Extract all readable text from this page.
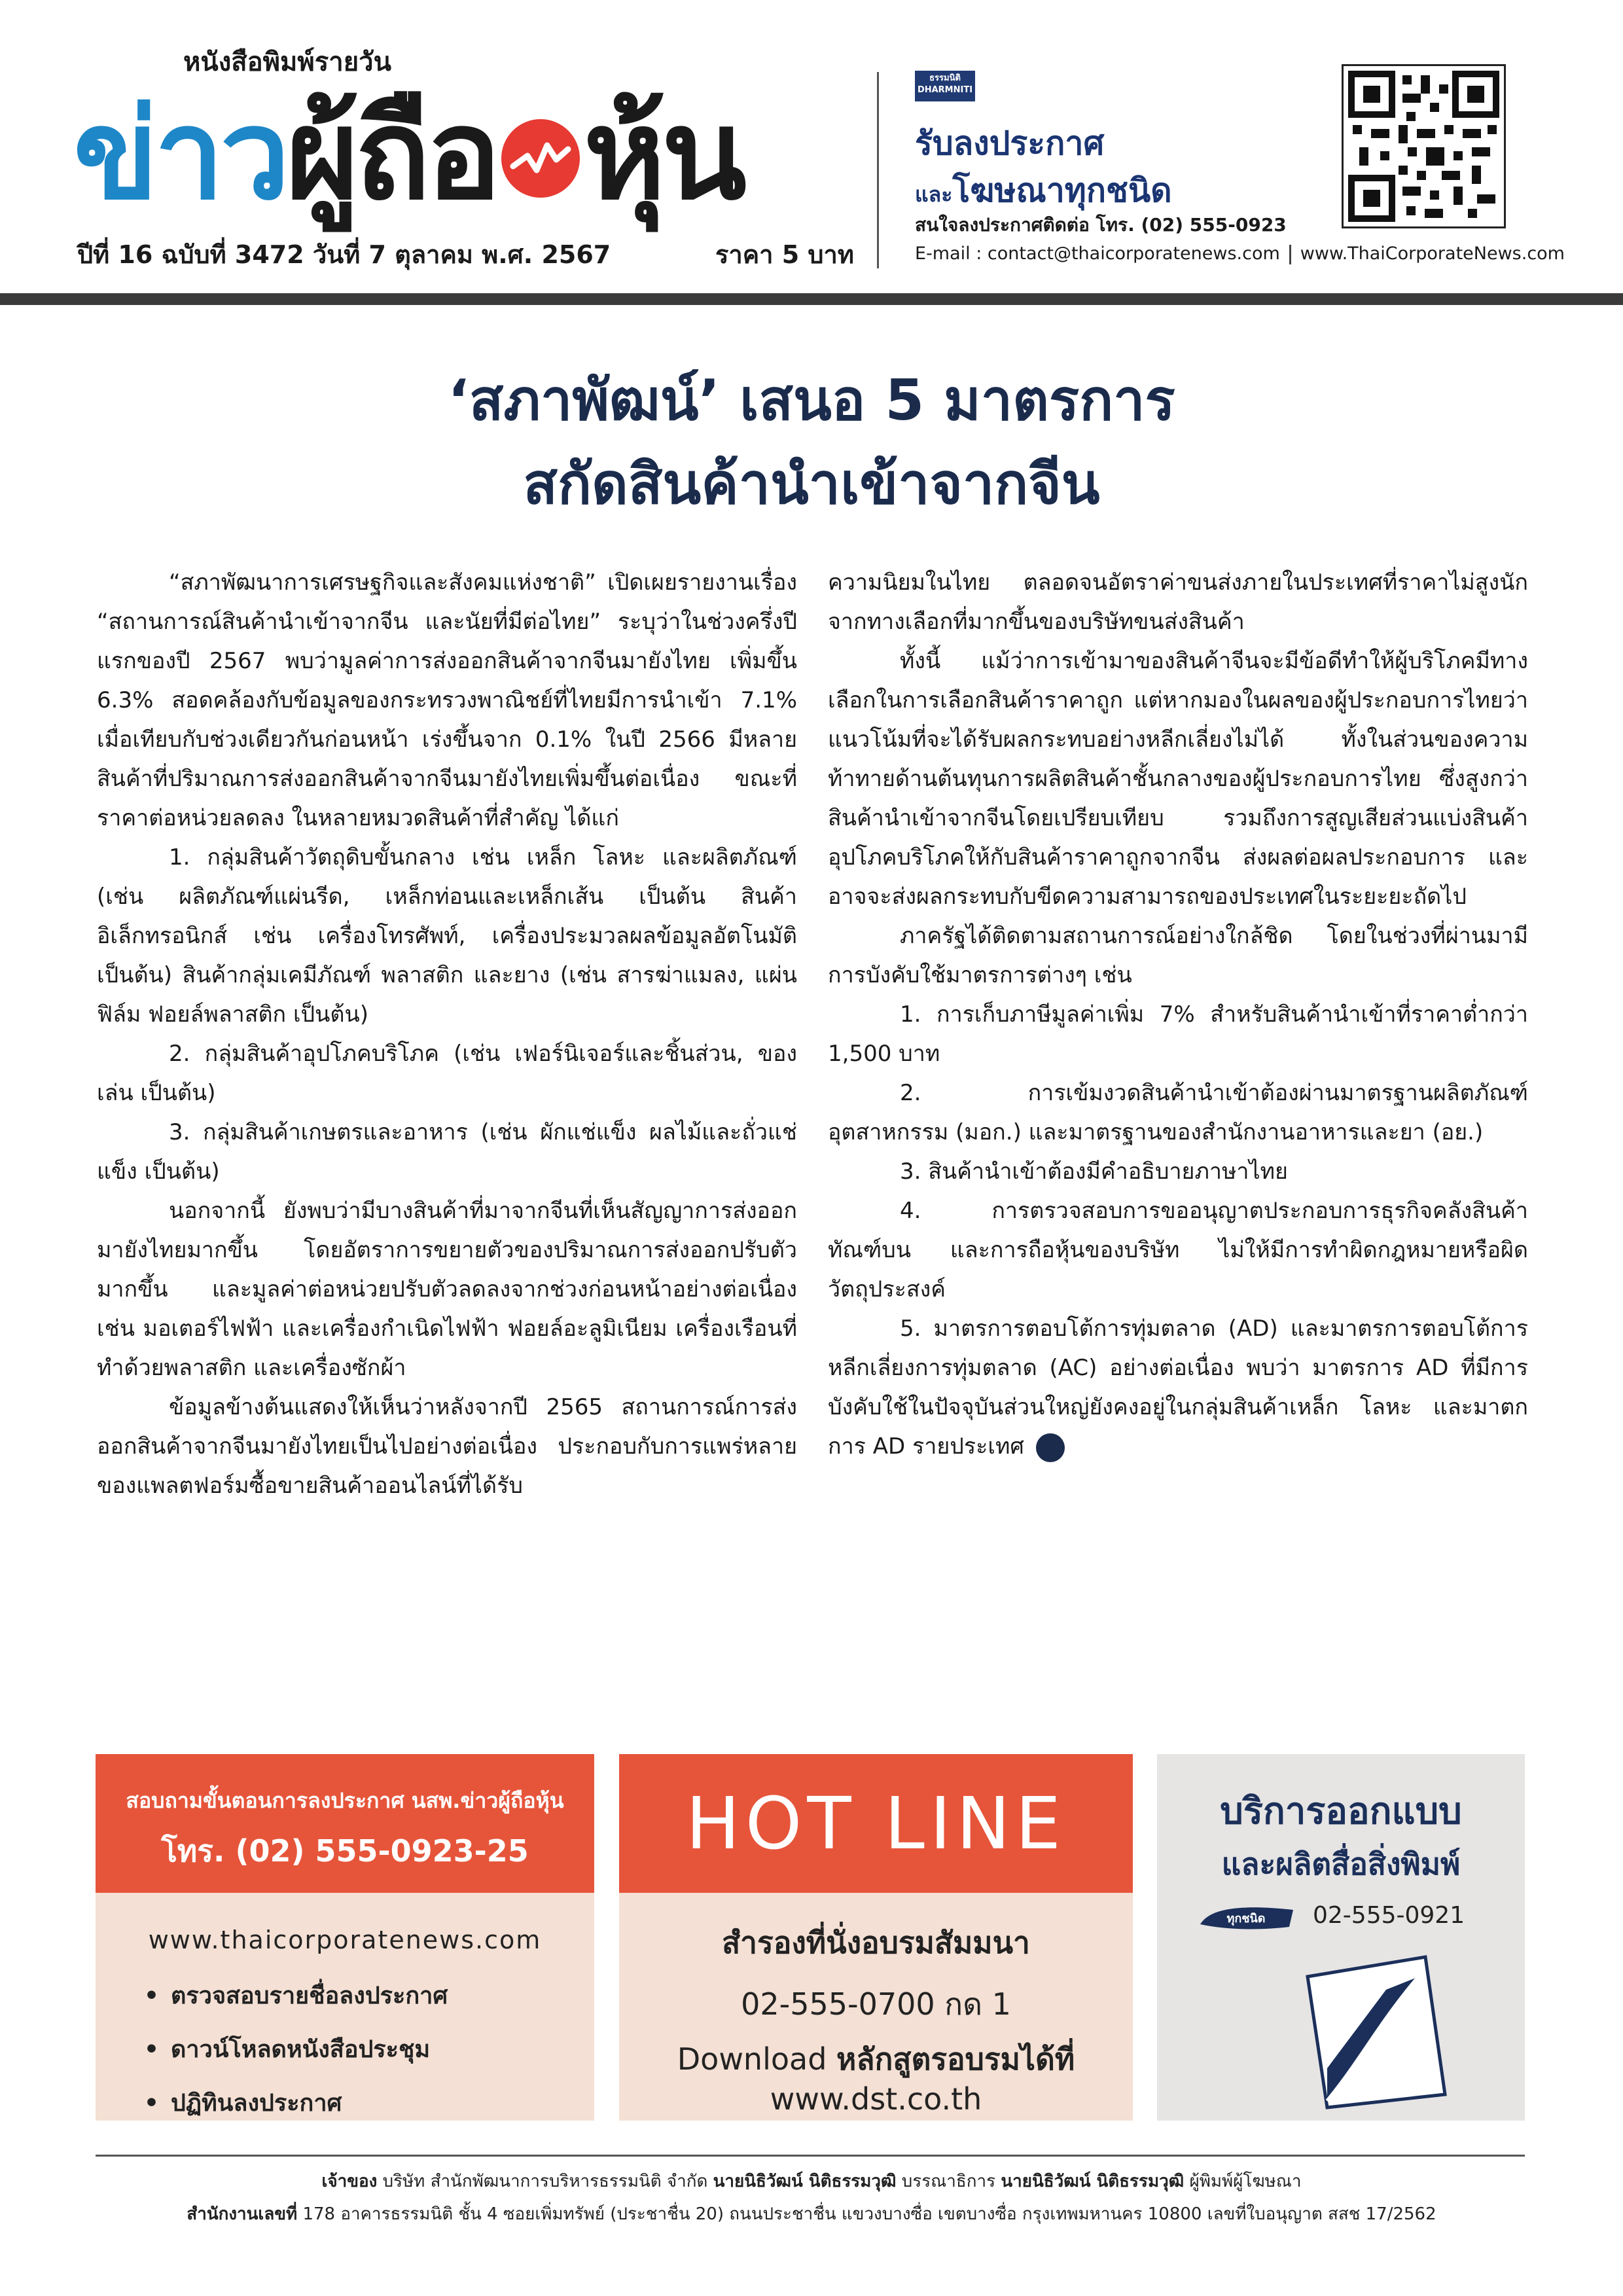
หนังสือพิมพ์รายวัน
ข่าว ผู้ถือ หุ้น
ปีที่ 16 ฉบับที่ 3472 วันที่ 7 ตุลาคม พ.ศ. 2567	ราคา 5 บาท
ธรรมนิติ
DHARMNITI
รับลงประกาศ
และโฆษณาทุกชนิด
สนใจลงประกาศติดต่อ โทร. (02) 555-0923
E-mail : contact@thaicorporatenews.com www.ThaiCorporateNews.com
‘สภาพัฒน์’ เสนอ 5 มาตรการ
สกัดสินค้านำเข้าจากจีน

“สภาพัฒนาการเศรษฐกิจและสังคมแห่งชาติ” เปิดเผยรายงานเรื่อง “สถานการณ์สินค้านำเข้าจากจีน และนัยที่มีต่อไทย” ระบุว่าในช่วงครึ่งปีแรกของปี 2567 พบว่ามูลค่าการส่งออกสินค้าจากจีนมายังไทย เพิ่มขึ้น 6.3% สอดคล้องกับข้อมูลของกระทรวงพาณิชย์ที่ไทยมีการนำเข้า 7.1% เมื่อเทียบกับช่วงเดียวกันก่อนหน้า เร่งขึ้นจาก 0.1% ในปี 2566 มีหลายสินค้าที่ปริมาณการส่งออกสินค้าจากจีนมายังไทยเพิ่มขึ้นต่อเนื่อง ขณะที่ราคาต่อหน่วยลดลง ในหลายหมวดสินค้าที่สำคัญ ได้แก่

1. กลุ่มสินค้าวัตถุดิบขั้นกลาง เช่น เหล็ก โลหะ และผลิตภัณฑ์ (เช่น ผลิตภัณฑ์แผ่นรีด, เหล็กท่อนและเหล็กเส้น เป็นต้น สินค้าอิเล็กทรอนิกส์ เช่น เครื่องโทรศัพท์, เครื่องประมวลผลข้อมูลอัตโนมัติ เป็นต้น) สินค้ากลุ่มเคมีภัณฑ์ พลาสติก และยาง (เช่น สารฆ่าแมลง, แผ่นฟิล์ม ฟอยล์พลาสติก เป็นต้น)

2. กลุ่มสินค้าอุปโภคบริโภค (เช่น เฟอร์นิเจอร์และชิ้นส่วน, ของเล่น เป็นต้น)

3. กลุ่มสินค้าเกษตรและอาหาร (เช่น ผักแช่แข็ง ผลไม้และถั่วแช่แข็ง เป็นต้น)

นอกจากนี้ ยังพบว่ามีบางสินค้าที่มาจากจีนที่เห็นสัญญาการส่งออกมายังไทยมากขึ้น โดยอัตราการขยายตัวของปริมาณการส่งออกปรับตัวมากขึ้น และมูลค่าต่อหน่วยปรับตัวลดลงจากช่วงก่อนหน้าอย่างต่อเนื่อง เช่น มอเตอร์ไฟฟ้า และเครื่องกำเนิดไฟฟ้า ฟอยล์อะลูมิเนียม เครื่องเรือนที่ทำด้วยพลาสติก และเครื่องซักผ้า

ข้อมูลข้างต้นแสดงให้เห็นว่าหลังจากปี 2565 สถานการณ์การส่งออกสินค้าจากจีนมายังไทยเป็นไปอย่างต่อเนื่อง ประกอบกับการแพร่หลายของแพลตฟอร์มซื้อขายสินค้าออนไลน์ที่ได้รับ

ความนิยมในไทย ตลอดจนอัตราค่าขนส่งภายในประเทศที่ราคาไม่สูงนัก จากทางเลือกที่มากขึ้นของบริษัทขนส่งสินค้า

ทั้งนี้ แม้ว่าการเข้ามาของสินค้าจีนจะมีข้อดีทำให้ผู้บริโภคมีทางเลือกในการเลือกสินค้าราคาถูก แต่หากมองในผลของผู้ประกอบการไทยว่าแนวโน้มที่จะได้รับผลกระทบอย่างหลีกเลี่ยงไม่ได้ ทั้งในส่วนของความท้าทายด้านต้นทุนการผลิตสินค้าชั้นกลางของผู้ประกอบการไทย ซึ่งสูงกว่าสินค้านำเข้าจากจีนโดยเปรียบเทียบ รวมถึงการสูญเสียส่วนแบ่งสินค้าอุปโภคบริโภคให้กับสินค้าราคาถูกจากจีน ส่งผลต่อผลประกอบการ และอาจจะส่งผลกระทบกับขีดความสามารถของประเทศในระยะยะถัดไป

ภาครัฐได้ติดตามสถานการณ์อย่างใกล้ชิด โดยในช่วงที่ผ่านมามีการบังคับใช้มาตรการต่างๆ เช่น

1. การเก็บภาษีมูลค่าเพิ่ม 7% สำหรับสินค้านำเข้าที่ราคาต่ำกว่า 1,500 บาท

2. การเข้มงวดสินค้านำเข้าต้องผ่านมาตรฐานผลิตภัณฑ์อุตสาหกรรม (มอก.) และมาตรฐานของสำนักงานอาหารและยา (อย.)

3. สินค้านำเข้าต้องมีคำอธิบายภาษาไทย

4. การตรวจสอบการขออนุญาตประกอบการธุรกิจคลังสินค้าทัณฑ์บน และการถือหุ้นของบริษัท ไม่ให้มีการทำผิดกฎหมายหรือผิดวัตถุประสงค์

5. มาตรการตอบโต้การทุ่มตลาด (AD) และมาตรการตอบโต้การหลีกเลี่ยงการทุ่มตลาด (AC) อย่างต่อเนื่อง พบว่า มาตรการ AD ที่มีการบังคับใช้ในปัจจุบันส่วนใหญ่ยังคงอยู่ในกลุ่มสินค้าเหล็ก โลหะ และมาตกการ AD รายประเทศ

สอบถามขั้นตอนการลงประกาศ นสพ.ข่าวผู้ถือหุ้น
โทร. (02) 555-0923-25
www.thaicorporatenews.com
• ตรวจสอบรายชื่อลงประกาศ
• ดาวน์โหลดหนังสือประชุม
• ปฏิทินลงประกาศ
HOT LINE
สำรองที่นั่งอบรมสัมมนา
02-555-0700 กด 1
Download หลักสูตรอบรมได้ที่
www.dst.co.th
บริการออกแบบ
และผลิตสื่อสิ่งพิมพ์
ทุกชนิด 02-555-0921
เจ้าของ บริษัท สำนักพัฒนาการบริหารธรรมนิติ จำกัด นายนิธิวัฒน์ นิติธรรมวุฒิ บรรณาธิการ นายนิธิวัฒน์ นิติธรรมวุฒิ ผู้พิมพ์ผู้โฆษณา
สำนักงานเลขที่ 178 อาคารธรรมนิติ ชั้น 4 ซอยเพิ่มทรัพย์ (ประชาชื่น 20) ถนนประชาชื่น แขวงบางซื่อ เขตบางซื่อ กรุงเทพมหานคร 10800 เลขที่ใบอนุญาต สสช 17/2562
